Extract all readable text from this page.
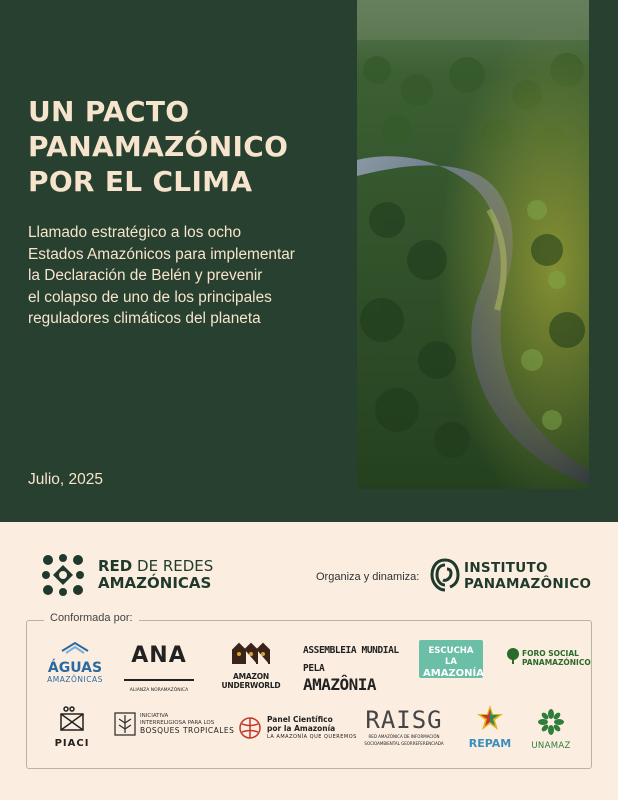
UN PACTO
PANAMAZÓNICO
POR EL CLIMA
Llamado estratégico a los ocho
Estados Amazónicos para implementar
la Declaración de Belén y prevenir
el colapso de uno de los principales
reguladores climáticos del planeta
Julio, 2025
RED DE REDES
AMAZÓNICAS	Organiza y dinamiza:
INSTITUTO
PANAMAZÔNICO
Conformada por:
ÁGUAS
AMAZÔNICAS
ANA
ALIANZA NORAMAZÓNICA
AMAZON UNDERWORLD
ASSEMBLEIA MUNDIAL
PELA AMAZÔNIA
ESCUCHA LA
AMAZONÍA
FORO SOCIAL
PANAMAZÓNICO
PIACI
INICIATIVA
INTERRELIGIOSA PARA LOS
BOSQUES TROPICALES
Panel Científico
por la Amazonía
LA AMAZONÍA QUE QUEREMOS
RAISG
RED AMAZÓNICA DE INFORMACIÓN
SOCIOAMBIENTAL GEORREFERENCIADA	REPAM	UNAMAZ
